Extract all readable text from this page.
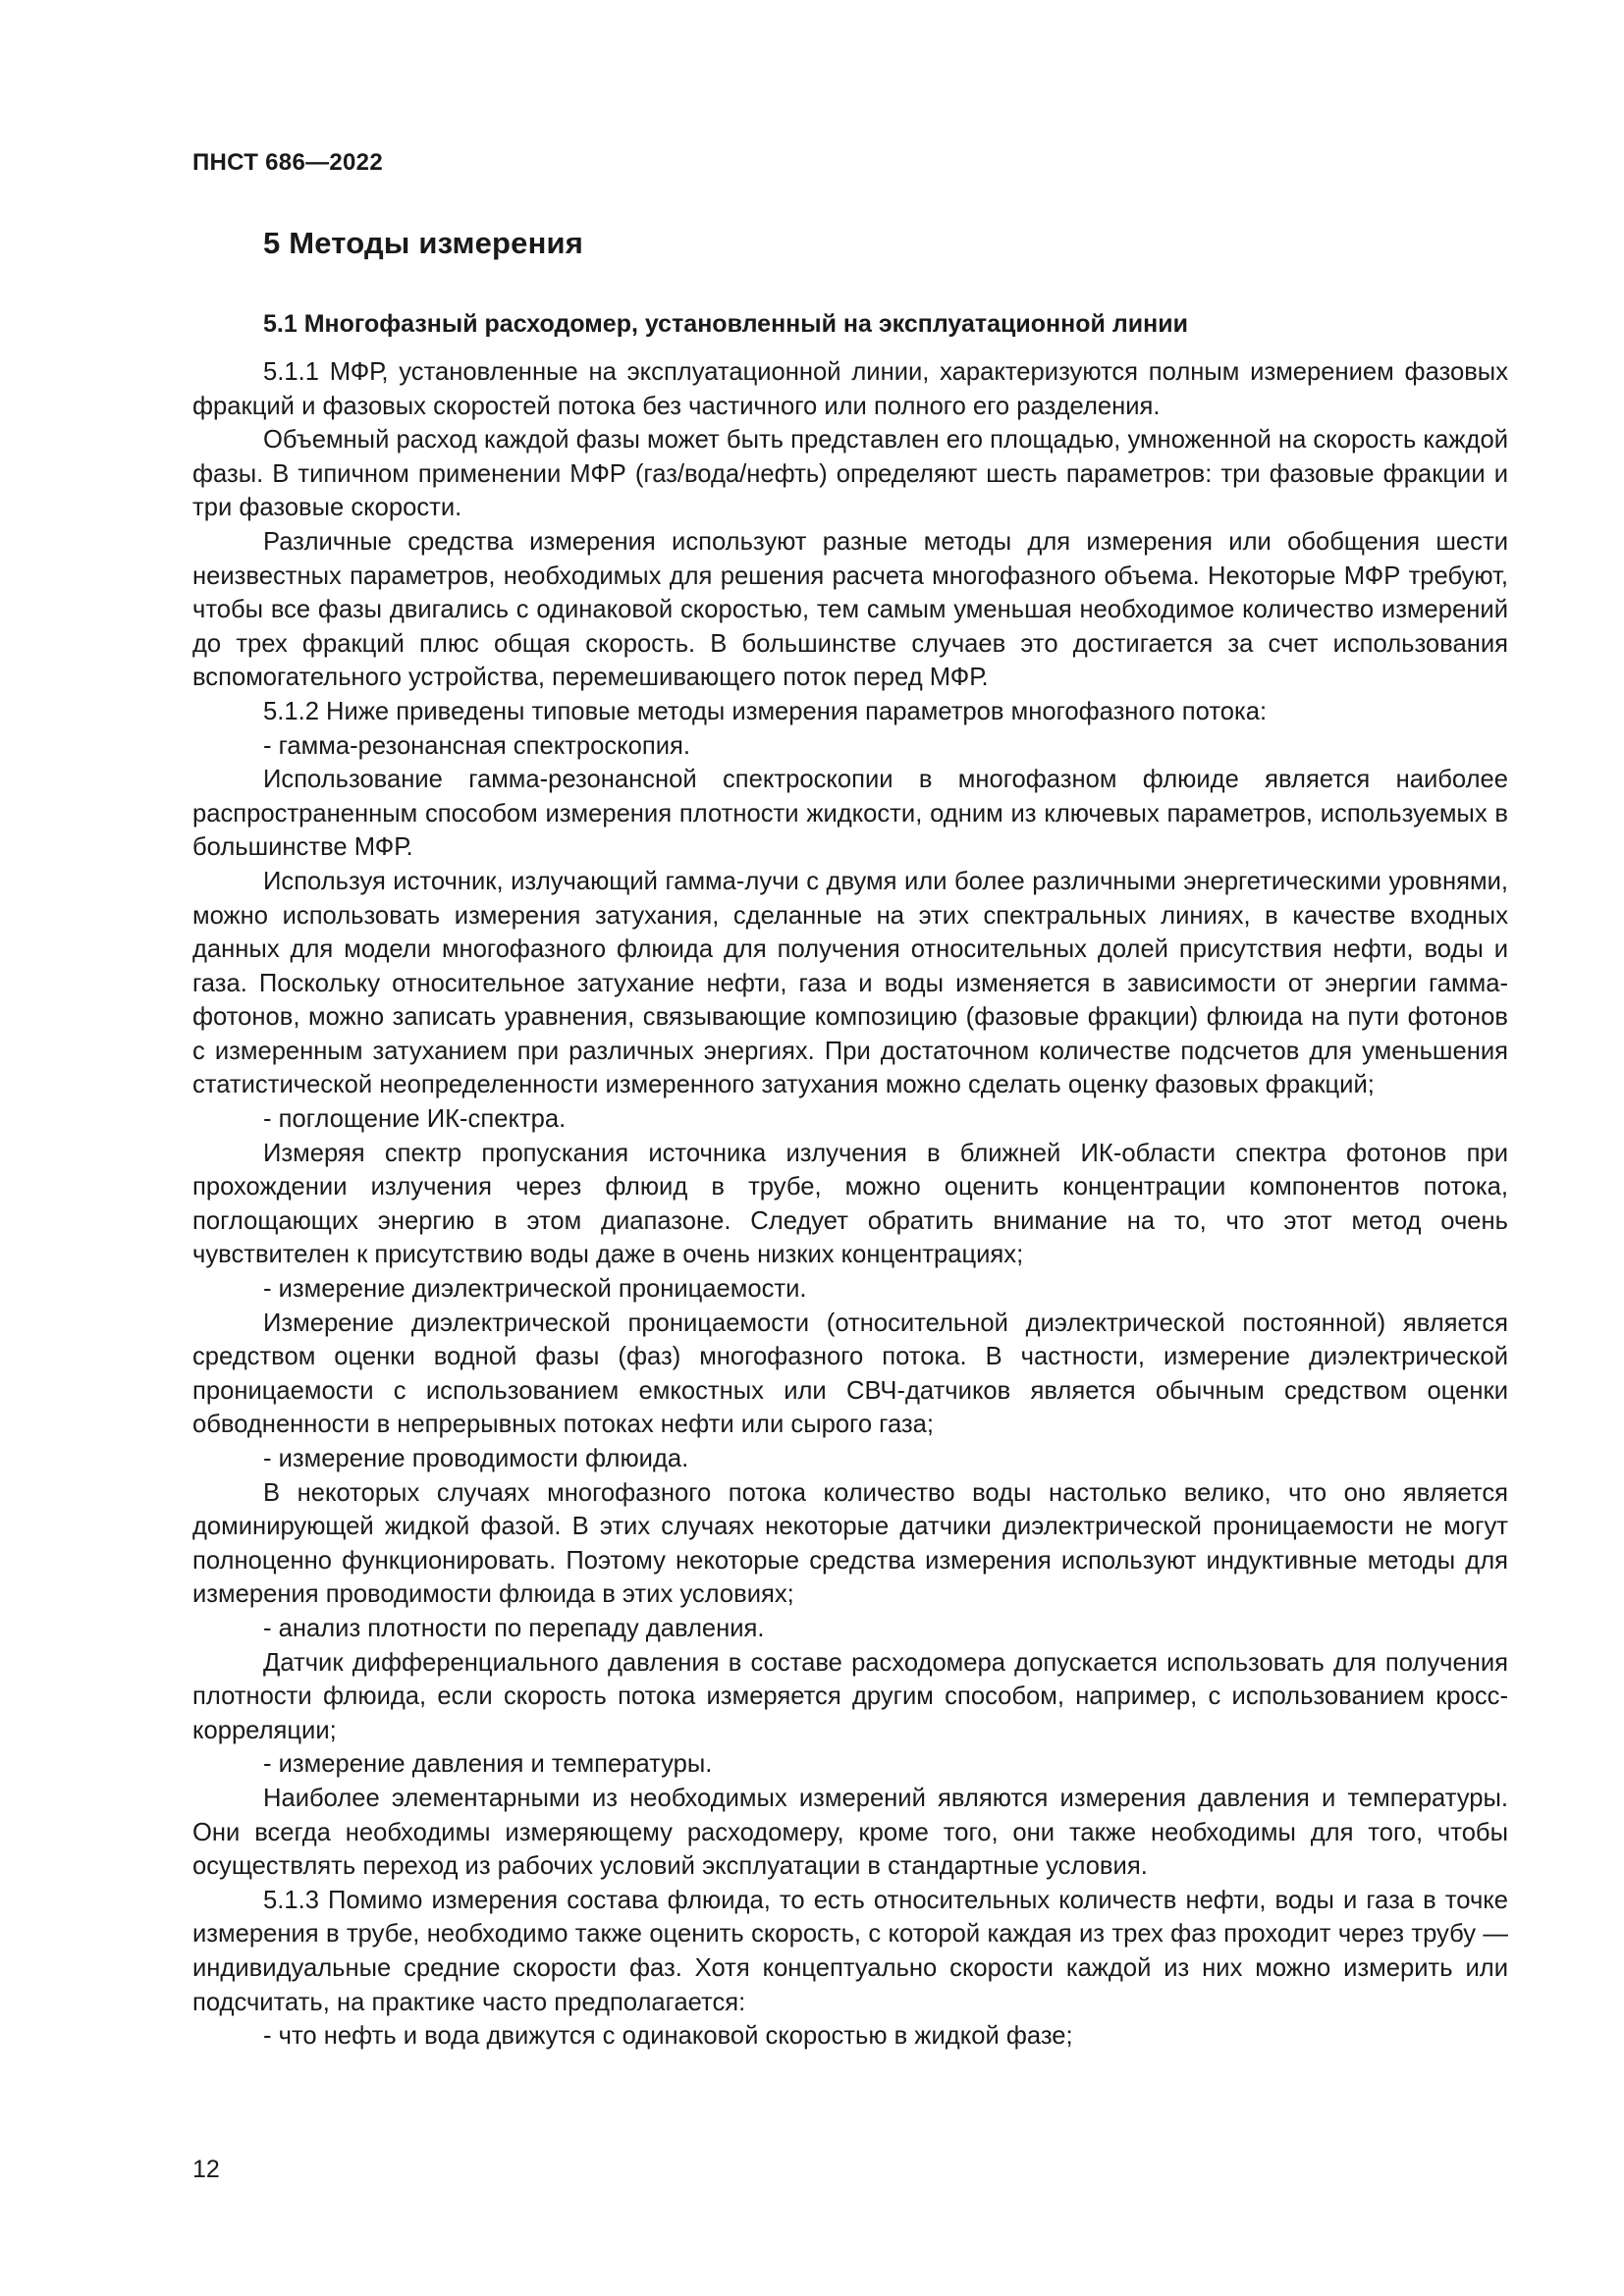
ПНСТ 686—2022
5 Методы измерения
5.1 Многофазный расходомер, установленный на эксплуатационной линии

5.1.1 МФР, установленные на эксплуатационной линии, характеризуются полным измерением фазовых фракций и фазовых скоростей потока без частичного или полного его разделения.

Объемный расход каждой фазы может быть представлен его площадью, умноженной на скорость каждой фазы. В типичном применении МФР (газ/вода/нефть) определяют шесть параметров: три фазовые фракции и три фазовые скорости.

Различные средства измерения используют разные методы для измерения или обобщения шести неизвестных параметров, необходимых для решения расчета многофазного объема. Некоторые МФР требуют, чтобы все фазы двигались с одинаковой скоростью, тем самым уменьшая необходимое количество измерений до трех фракций плюс общая скорость. В большинстве случаев это достигается за счет использования вспомогательного устройства, перемешивающего поток перед МФР.

5.1.2 Ниже приведены типовые методы измерения параметров многофазного потока:

- гамма-резонансная спектроскопия.

Использование гамма-резонансной спектроскопии в многофазном флюиде является наиболее распространенным способом измерения плотности жидкости, одним из ключевых параметров, используемых в большинстве МФР.

Используя источник, излучающий гамма-лучи с двумя или более различными энергетическими уровнями, можно использовать измерения затухания, сделанные на этих спектральных линиях, в качестве входных данных для модели многофазного флюида для получения относительных долей присутствия нефти, воды и газа. Поскольку относительное затухание нефти, газа и воды изменяется в зависимости от энергии гамма-фотонов, можно записать уравнения, связывающие композицию (фазовые фракции) флюида на пути фотонов с измеренным затуханием при различных энергиях. При достаточном количестве подсчетов для уменьшения статистической неопределенности измеренного затухания можно сделать оценку фазовых фракций;

- поглощение ИК-спектра.

Измеряя спектр пропускания источника излучения в ближней ИК-области спектра фотонов при прохождении излучения через флюид в трубе, можно оценить концентрации компонентов потока, поглощающих энергию в этом диапазоне. Следует обратить внимание на то, что этот метод очень чувствителен к присутствию воды даже в очень низких концентрациях;

- измерение диэлектрической проницаемости.

Измерение диэлектрической проницаемости (относительной диэлектрической постоянной) является средством оценки водной фазы (фаз) многофазного потока. В частности, измерение диэлектрической проницаемости с использованием емкостных или СВЧ-датчиков является обычным средством оценки обводненности в непрерывных потоках нефти или сырого газа;

- измерение проводимости флюида.

В некоторых случаях многофазного потока количество воды настолько велико, что оно является доминирующей жидкой фазой. В этих случаях некоторые датчики диэлектрической проницаемости не могут полноценно функционировать. Поэтому некоторые средства измерения используют индуктивные методы для измерения проводимости флюида в этих условиях;

- анализ плотности по перепаду давления.

Датчик дифференциального давления в составе расходомера допускается использовать для получения плотности флюида, если скорость потока измеряется другим способом, например, с использованием кросс-корреляции;

- измерение давления и температуры.

Наиболее элементарными из необходимых измерений являются измерения давления и температуры. Они всегда необходимы измеряющему расходомеру, кроме того, они также необходимы для того, чтобы осуществлять переход из рабочих условий эксплуатации в стандартные условия.

5.1.3 Помимо измерения состава флюида, то есть относительных количеств нефти, воды и газа в точке измерения в трубе, необходимо также оценить скорость, с которой каждая из трех фаз проходит через трубу — индивидуальные средние скорости фаз. Хотя концептуально скорости каждой из них можно измерить или подсчитать, на практике часто предполагается:

- что нефть и вода движутся с одинаковой скоростью в жидкой фазе;

12
